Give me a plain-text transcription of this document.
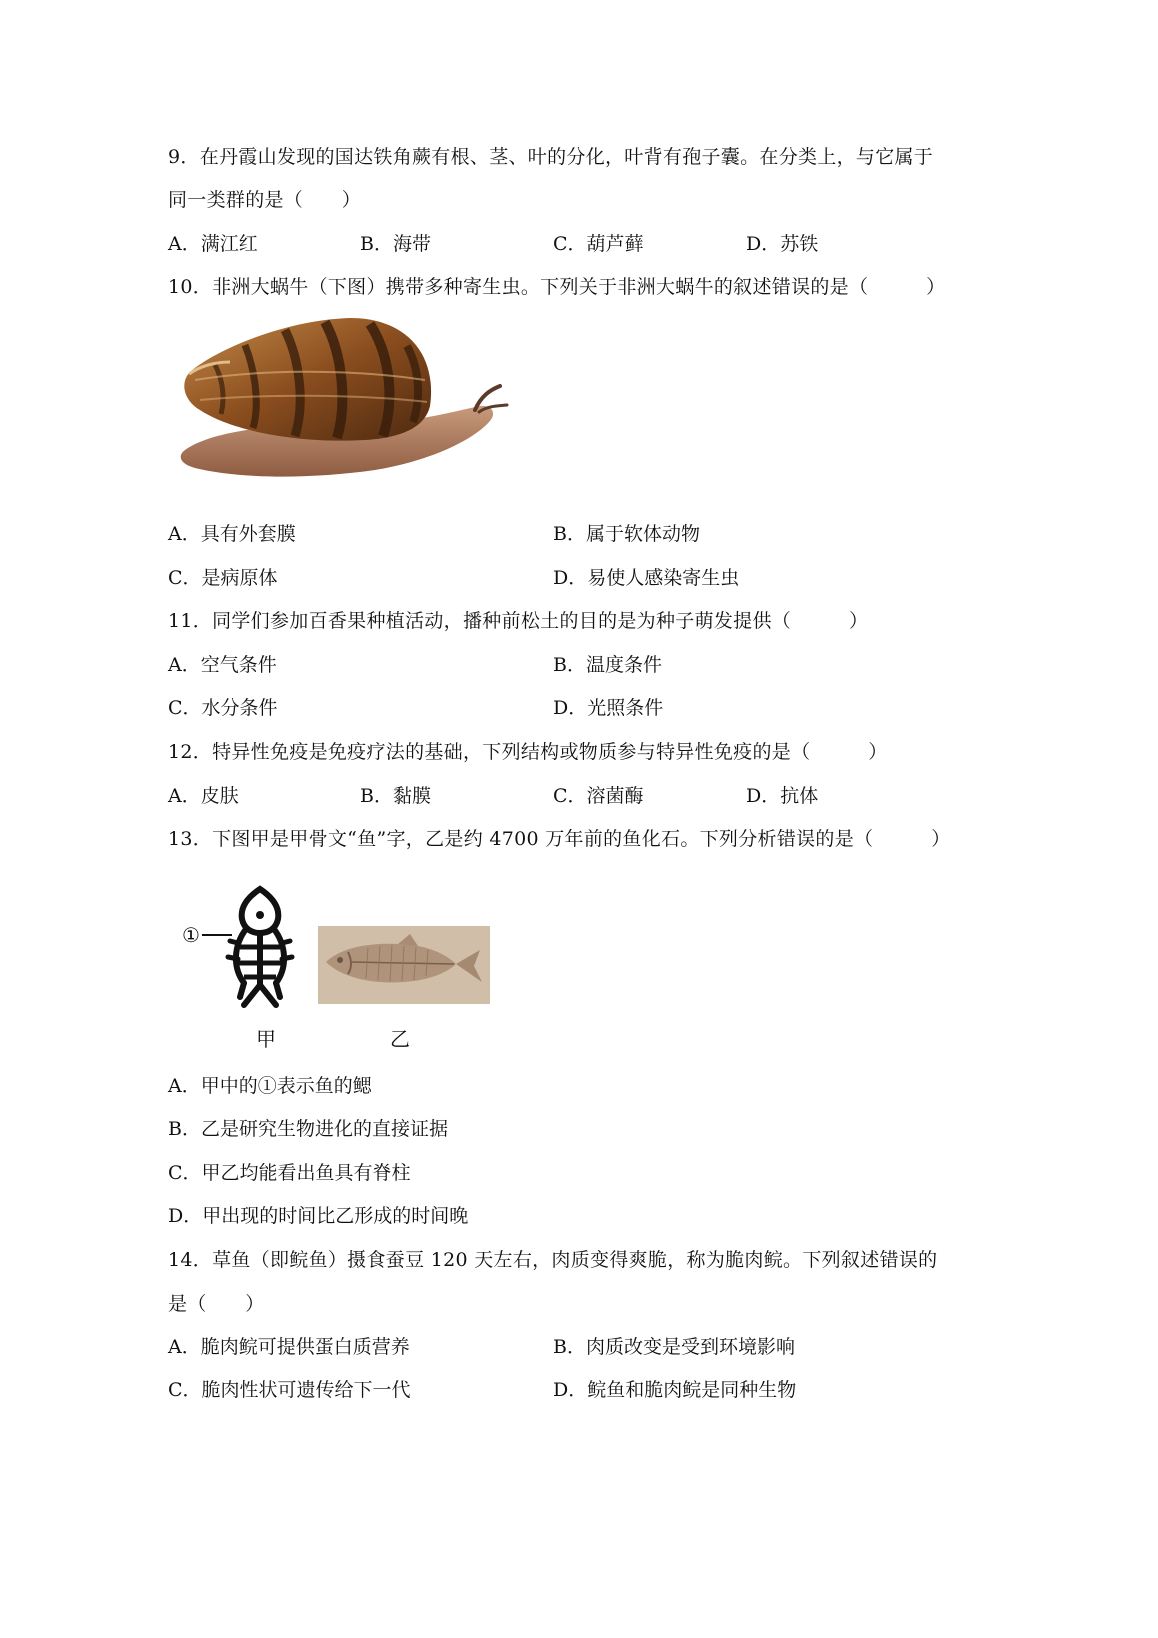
9．在丹霞山发现的国达铁角蕨有根、茎、叶的分化，叶背有孢子囊。在分类上，与它属于
同一类群的是（　　）
A．满江红	B．海带	C．葫芦藓	D．苏铁
10．非洲大蜗牛（下图）携带多种寄生虫。下列关于非洲大蜗牛的叙述错误的是（　　　）
A．具有外套膜	B．属于软体动物
C．是病原体	D．易使人感染寄生虫
11．同学们参加百香果种植活动，播种前松土的目的是为种子萌发提供（　　　）
A．空气条件	B．温度条件
C．水分条件	D．光照条件
12．特异性免疫是免疫疗法的基础，下列结构或物质参与特异性免疫的是（　　　）
A．皮肤	B．黏膜	C．溶菌酶	D．抗体
13．下图甲是甲骨文“鱼”字，乙是约 4700 万年前的鱼化石。下列分析错误的是（　　　）
①
甲	乙
A．甲中的①表示鱼的鳃
B．乙是研究生物进化的直接证据
C．甲乙均能看出鱼具有脊柱
D．甲出现的时间比乙形成的时间晚
14．草鱼（即鲩鱼）摄食蚕豆 120 天左右，肉质变得爽脆，称为脆肉鲩。下列叙述错误的
是（　　）
A．脆肉鲩可提供蛋白质营养	B．肉质改变是受到环境影响
C．脆肉性状可遗传给下一代	D．鲩鱼和脆肉鲩是同种生物
